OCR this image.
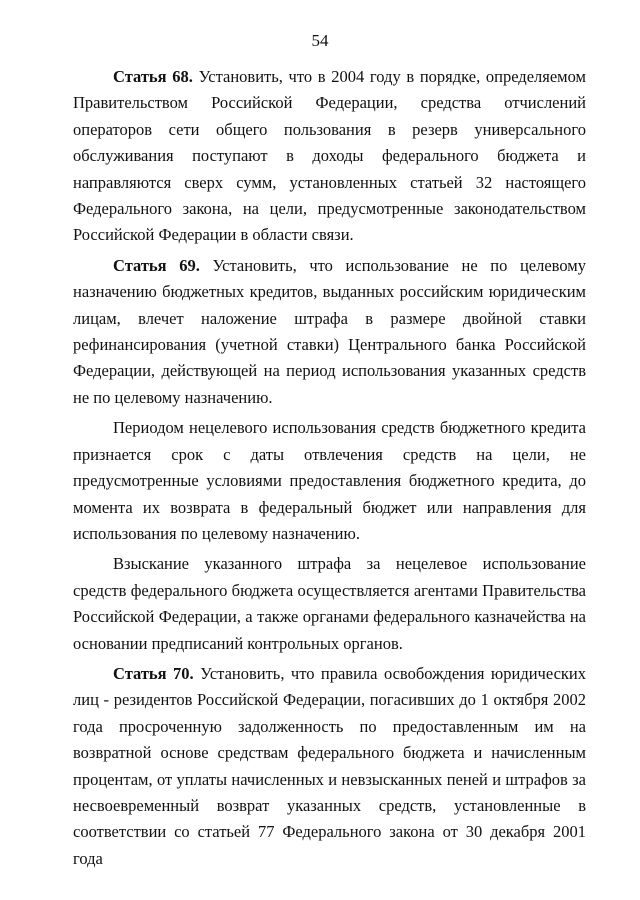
54

Статья 68. Установить, что в 2004 году в порядке, определяемом Правительством Российской Федерации, средства отчислений операторов сети общего пользования в резерв универсального обслуживания поступают в доходы федерального бюджета и направляются сверх сумм, установленных статьей 32 настоящего Федерального закона, на цели, предусмотренные законодательством Российской Федерации в области связи.

Статья 69. Установить, что использование не по целевому назначению бюджетных кредитов, выданных российским юридическим лицам, влечет наложение штрафа в размере двойной ставки рефинансирования (учетной ставки) Центрального банка Российской Федерации, действующей на период использования указанных средств не по целевому назначению.

Периодом нецелевого использования средств бюджетного кредита признается срок с даты отвлечения средств на цели, не предусмотренные условиями предоставления бюджетного кредита, до момента их возврата в федеральный бюджет или направления для использования по целевому назначению.

Взыскание указанного штрафа за нецелевое использование средств федерального бюджета осуществляется агентами Правительства Российской Федерации, а также органами федерального казначейства на основании предписаний контрольных органов.

Статья 70. Установить, что правила освобождения юридических лиц - резидентов Российской Федерации, погасивших до 1 октября 2002 года просроченную задолженность по предоставленным им на возвратной основе средствам федерального бюджета и начисленным процентам, от уплаты начисленных и невзысканных пеней и штрафов за несвоевременный возврат указанных средств, установленные в соответствии со статьей 77 Федерального закона от 30 декабря 2001 года
